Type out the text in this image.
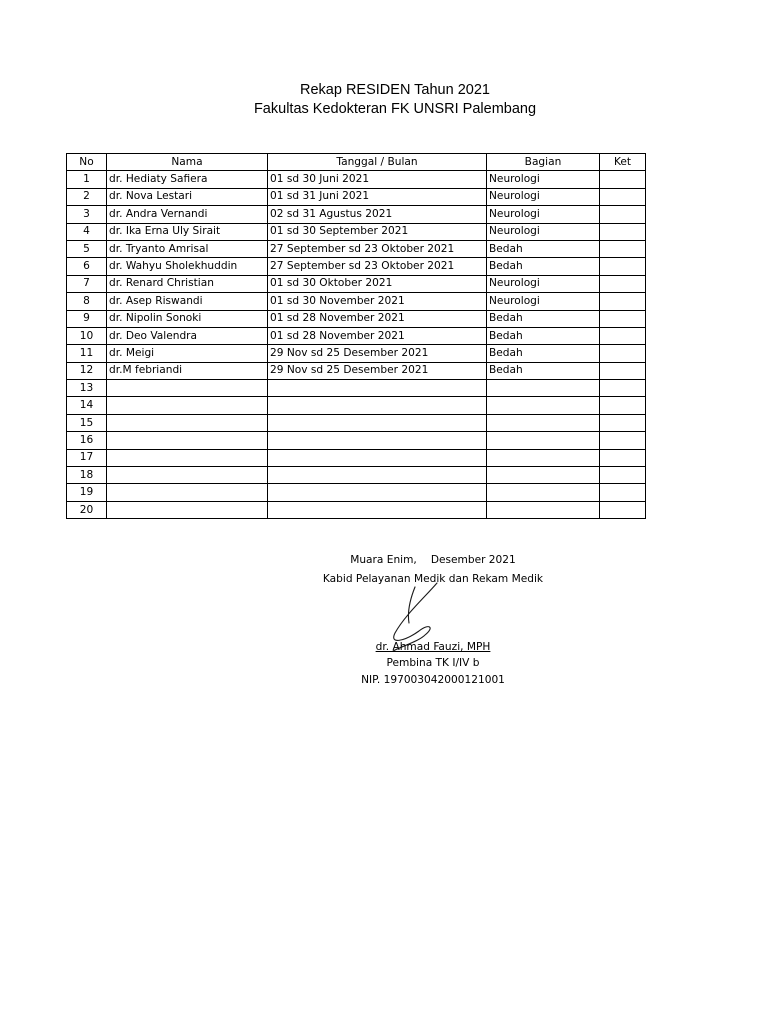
Rekap RESIDEN Tahun 2021
Fakultas Kedokteran FK UNSRI Palembang
No	Nama	Tanggal / Bulan	Bagian	Ket
1	dr. Hediaty Safiera	01 sd 30 Juni 2021	Neurologi	
2	dr. Nova Lestari	01 sd 31 Juni 2021	Neurologi	
3	dr. Andra Vernandi	02 sd 31 Agustus 2021	Neurologi	
4	dr. Ika Erna Uly Sirait	01 sd 30 September 2021	Neurologi	
5	dr. Tryanto Amrisal	27 September sd 23 Oktober 2021	Bedah	
6	dr. Wahyu Sholekhuddin	27 September sd 23 Oktober 2021	Bedah	
7	dr. Renard Christian	01 sd 30 Oktober 2021	Neurologi	
8	dr. Asep Riswandi	01 sd 30 November 2021	Neurologi	
9	dr. Nipolin Sonoki	01 sd 28 November 2021	Bedah	
10	dr. Deo Valendra	01 sd 28 November 2021	Bedah	
11	dr. Meigi	29 Nov sd 25 Desember 2021	Bedah	
12	dr.M febriandi	29 Nov sd 25 Desember 2021	Bedah	
13				
14				
15				
16				
17				
18				
19				
20				
Muara Enim, Desember 2021
Kabid Pelayanan Medik dan Rekam Medik
dr. Ahmad Fauzi, MPH
Pembina TK I/IV b
NIP. 197003042000121001
